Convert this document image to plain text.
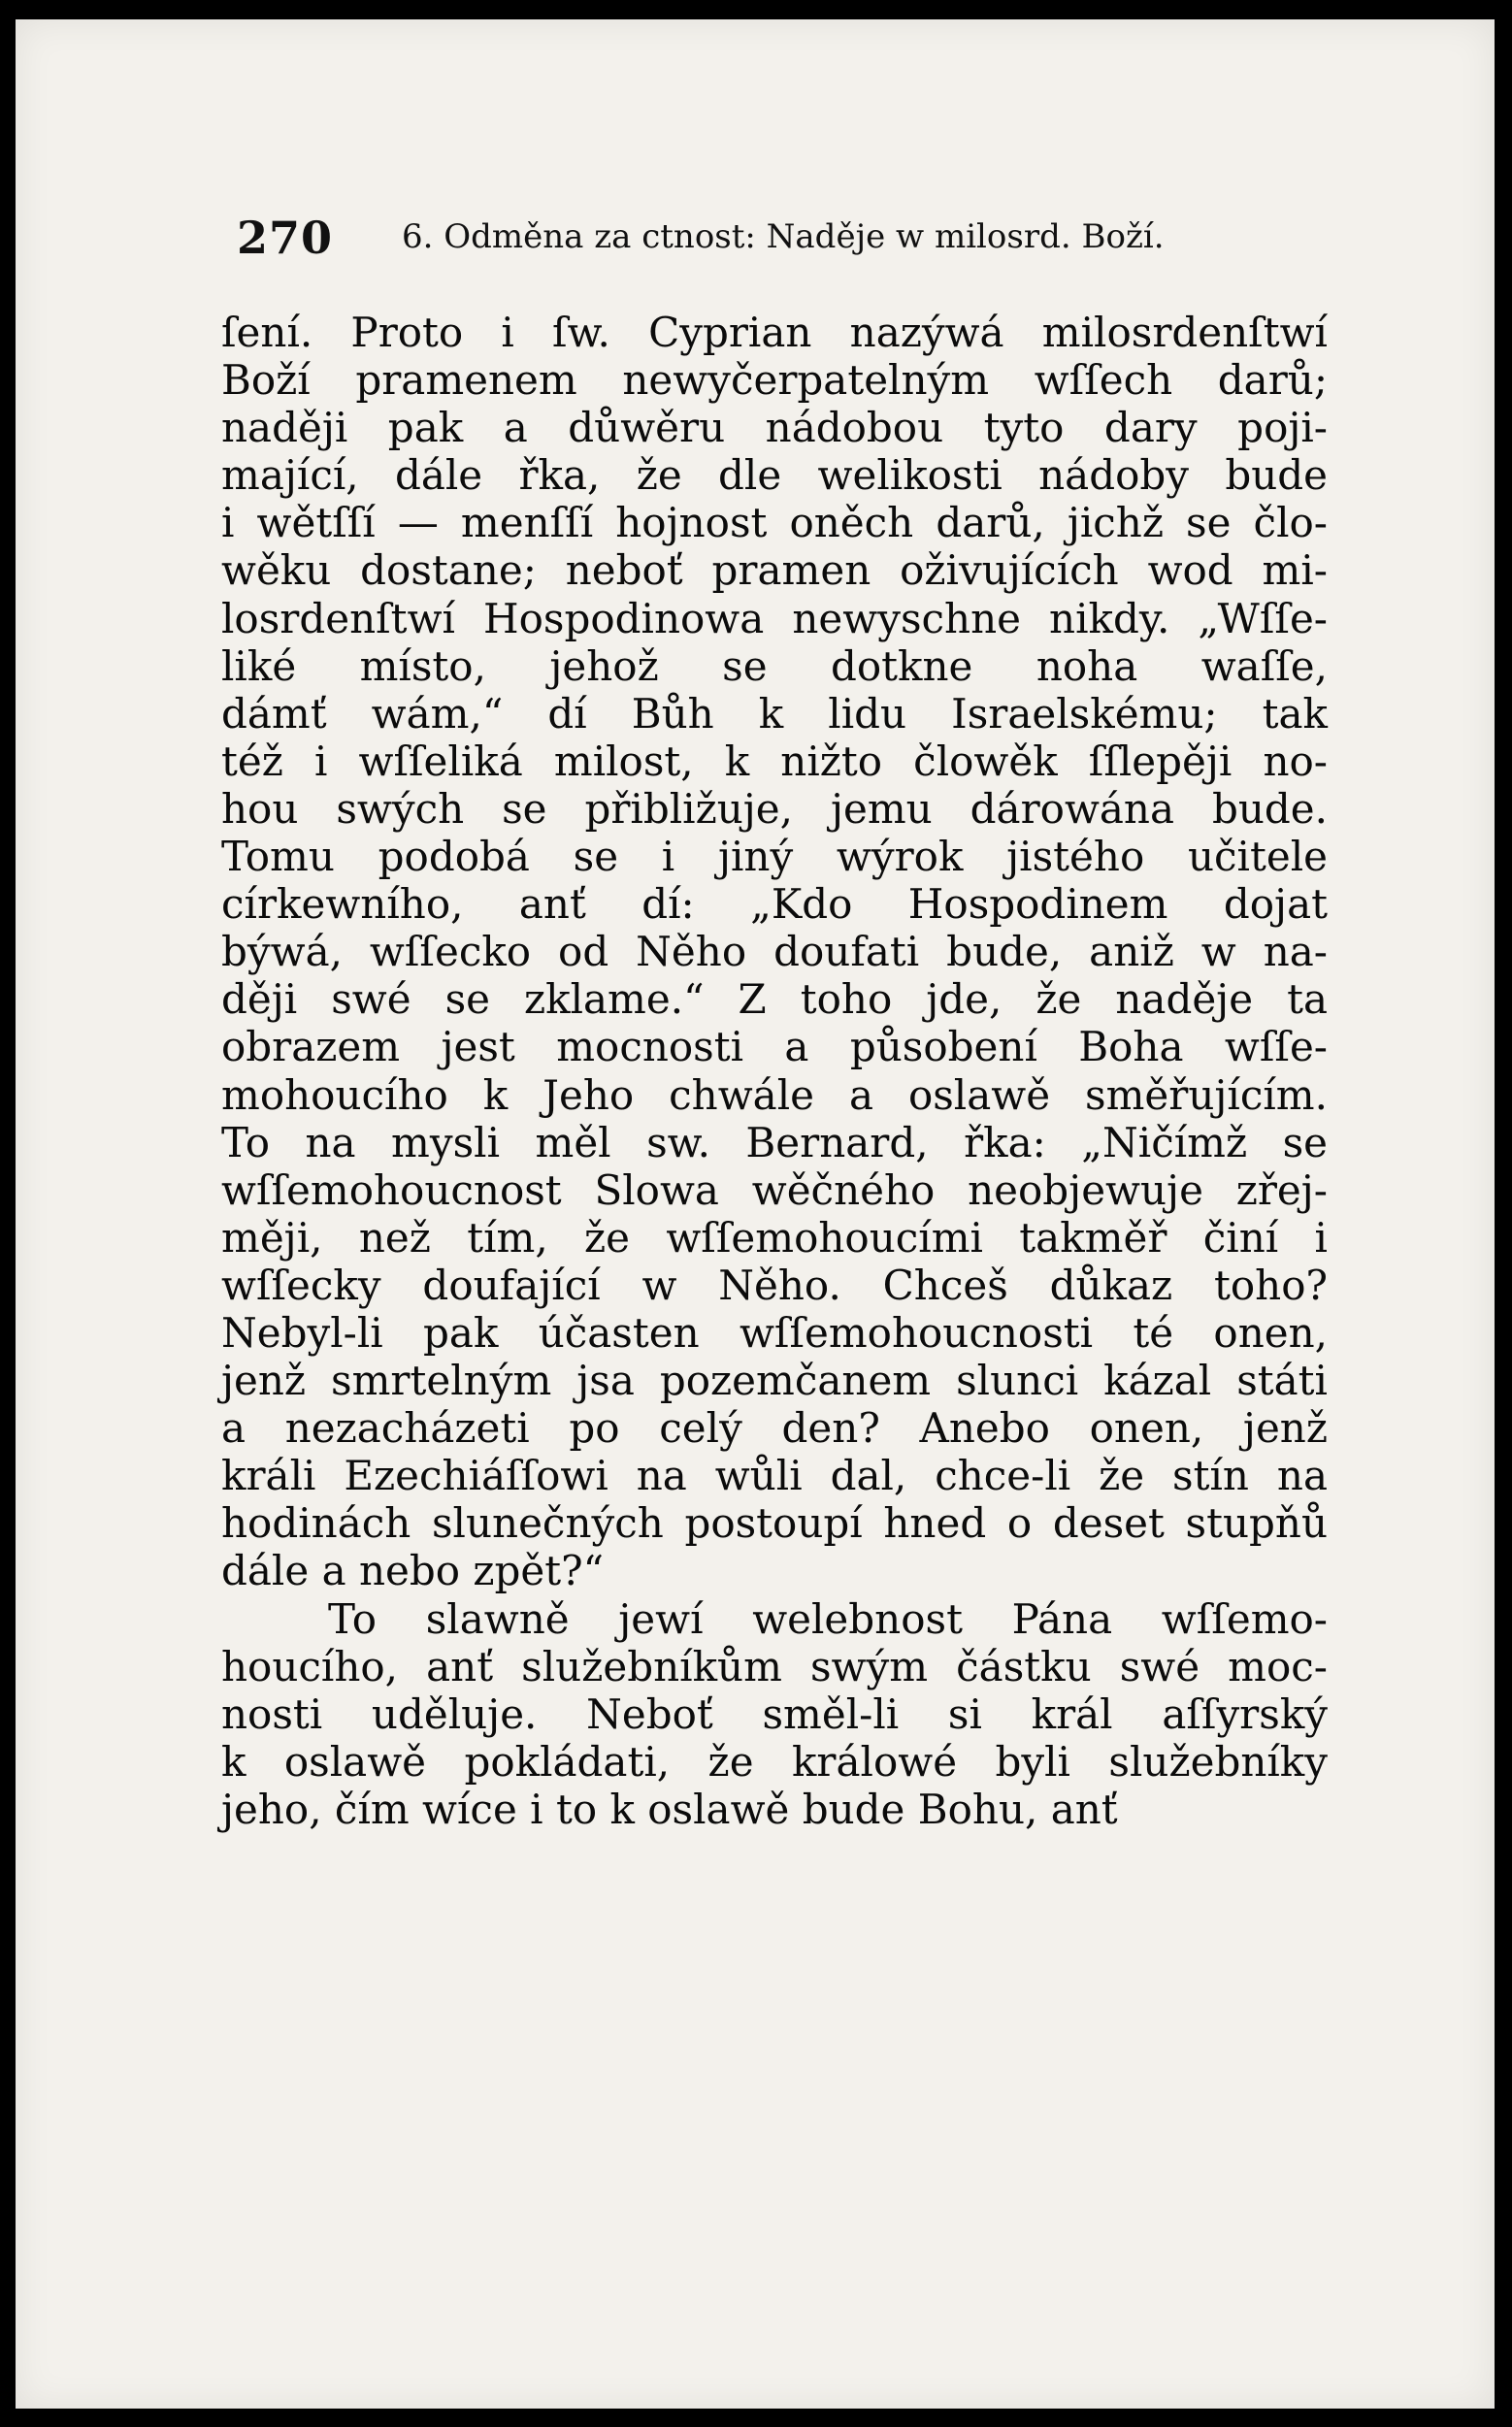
270 6. Odměna za ctnost: Naděje w milosrd. Boží.
ſení. Proto i ſw. Cyprian nazýwá milosrdenſtwí
Boží pramenem newyčerpatelným wſſech darů;
naději pak a důwěru nádobou tyto dary poji-
mající, dále řka, že dle welikosti nádoby bude
i wětſſí — menſſí hojnost oněch darů, jichž se člo-
wěku dostane; neboť pramen oživujících wod mi-
losrdenſtwí Hospodinowa newyschne nikdy. „Wſſe-
liké místo, jehož se dotkne noha waſſe,
dámť wám,“ dí Bůh k lidu Israelskému; tak
též i wſſeliká milost, k nižto člowěk ſſlepěji no-
hou swých se přibližuje, jemu dárowána bude.
Tomu podobá se i jiný wýrok jistého učitele
církewního, anť dí: „Kdo Hospodinem dojat
býwá, wſſecko od Něho doufati bude, aniž w na-
ději swé se zklame.“ Z toho jde, že naděje ta
obrazem jest mocnosti a působení Boha wſſe-
mohoucího k Jeho chwále a oslawě směřujícím.
To na mysli měl sw. Bernard, řka: „Ničímž se
wſſemohoucnost Slowa wěčného neobjewuje zřej-
měji, než tím, že wſſemohoucími takměř činí i
wſſecky doufající w Něho. Chceš důkaz toho?
Nebyl-li pak účasten wſſemohoucnosti té onen,
jenž smrtelným jsa pozemčanem slunci kázal státi
a nezacházeti po celý den? Anebo onen, jenž
králi Ezechiáſſowi na wůli dal, chce-li že stín na
hodinách slunečných postoupí hned o deset stupňů
dále a nebo zpět?“
To slawně jewí welebnost Pána wſſemo-
houcího, anť služebníkům swým částku swé moc-
nosti uděluje. Neboť směl-li si král aſſyrský
k oslawě pokládati, že králowé byli služebníky
jeho, čím wíce i to k oslawě bude Bohu, anť
